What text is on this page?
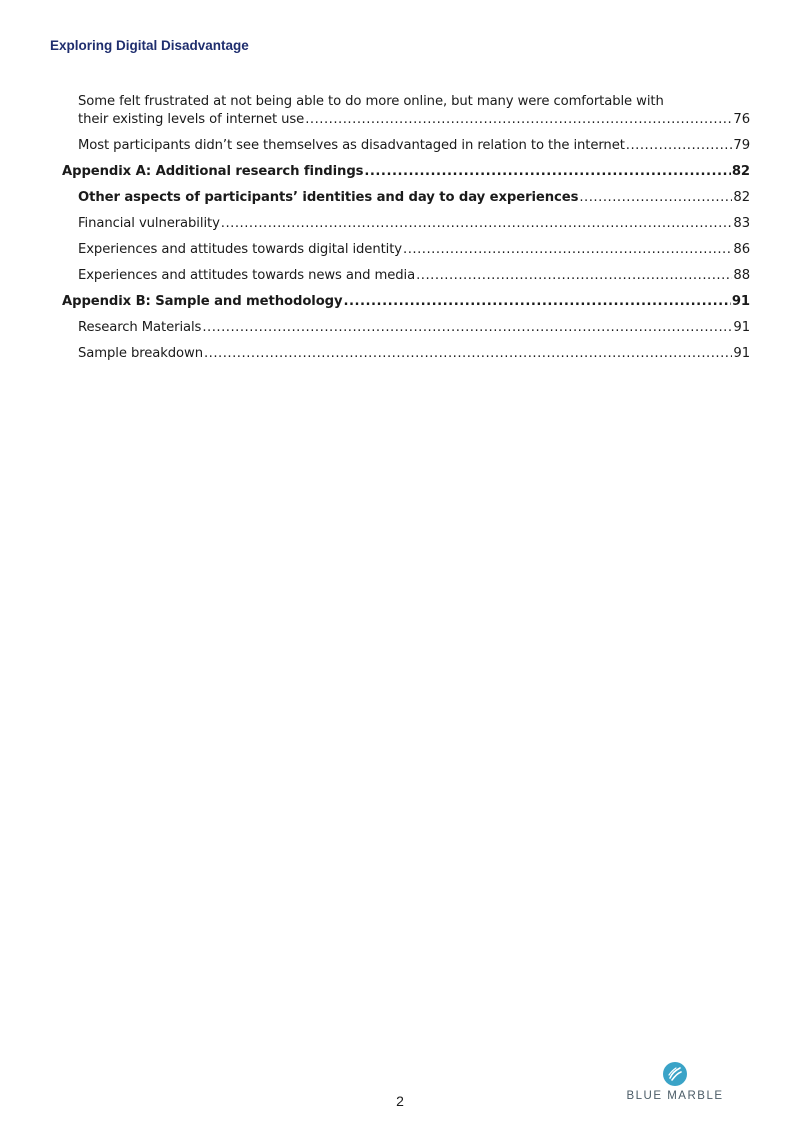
Exploring Digital Disadvantage
Some felt frustrated at not being able to do more online, but many were comfortable with
their existing levels of internet use .....	76
Most participants didn’t see themselves as disadvantaged in relation to the internet .....	79
Appendix A: Additional research findings .....	82
Other aspects of participants’ identities and day to day experiences .....	82
Financial vulnerability .....	83
Experiences and attitudes towards digital identity .....	86
Experiences and attitudes towards news and media .....	88
Appendix B: Sample and methodology .....	91
Research Materials .....	91
Sample breakdown .....	91
2	BLUE MARBLE
